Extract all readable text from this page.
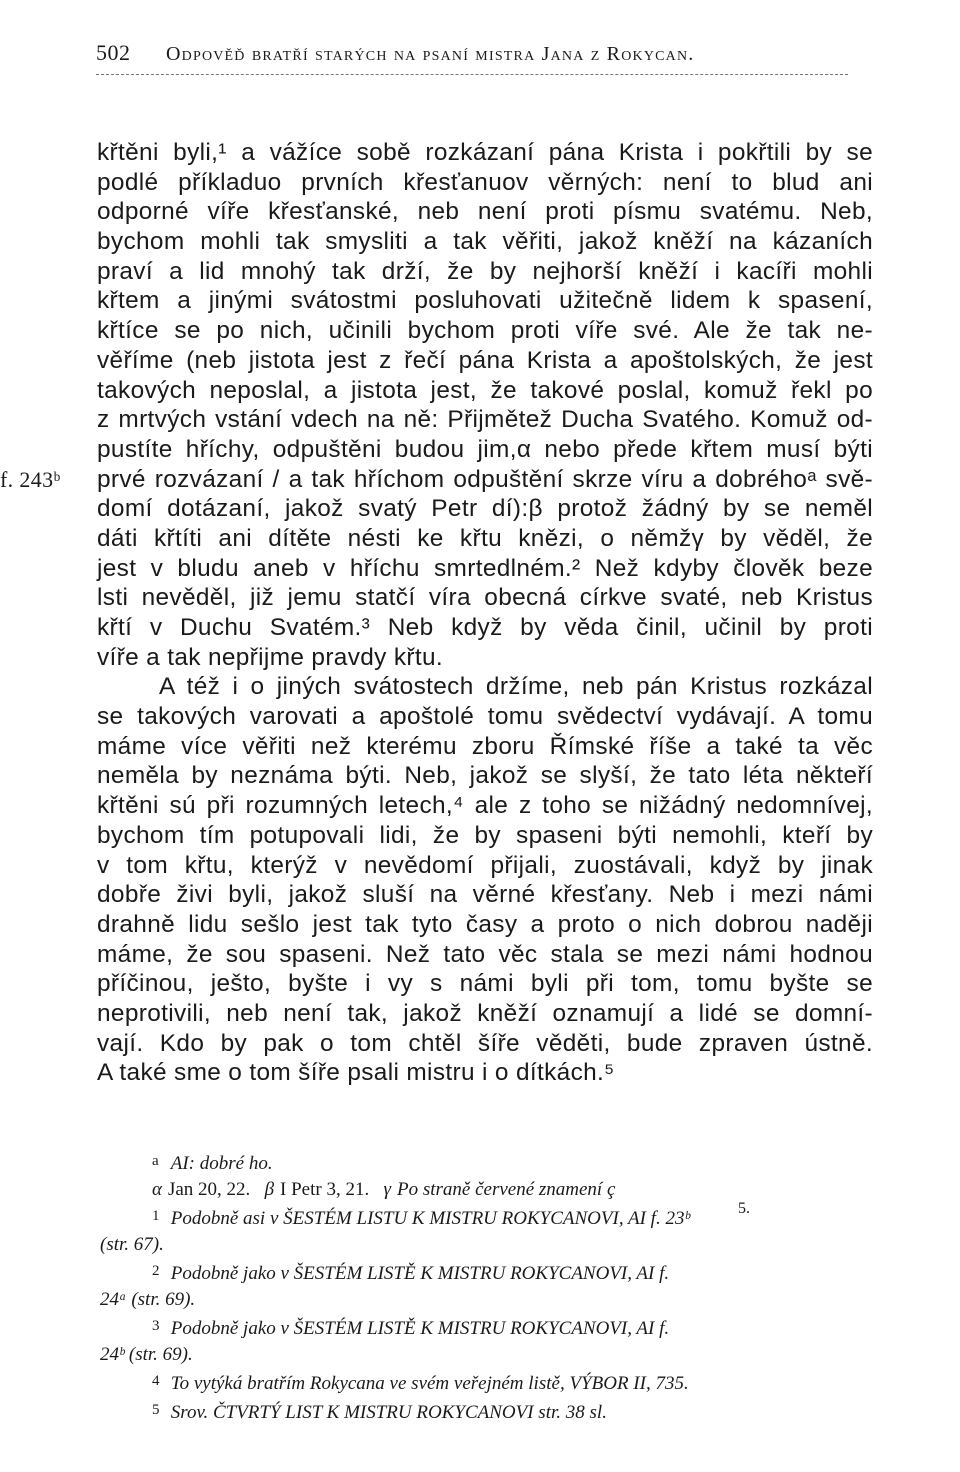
502 Odpověď bratří starých na psaní mistra Jana z Rokycan.
křtěni byli,¹ a vážíce sobě rozkázaní pána Krista i pokřtili by se
podlé příkladuo prvních křesťanuov věrných: není to blud ani
odporné víře křesťanské, neb není proti písmu svatému. Neb,
bychom mohli tak smysliti a tak věřiti, jakož kněží na kázaních
praví a lid mnohý tak drží, že by nejhorší kněží i kacíři mohli
křtem a jinými svátostmi posluhovati užitečně lidem k spasení,
křtíce se po nich, učinili bychom proti víře své. Ale že tak ne-
věříme (neb jistota jest z řečí pána Krista a apoštolských, že jest
takových neposlal, a jistota jest, že takové poslal, komuž řekl po
z mrtvých vstání vdech na ně: Přijmětež Ducha Svatého. Komuž od-
pustíte hříchy, odpuštěni budou jim,α nebo přede křtem musí býti
f. 243ᵇ	prvé rozvázaní / a tak hříchom odpuštění skrze víru a dobréhoᵃ svě-
domí dotázaní, jakož svatý Petr dí):β protož žádný by se neměl
dáti křtíti ani dítěte nésti ke křtu knězi, o němžγ by věděl, že
jest v bludu aneb v hříchu smrtedlném.² Než kdyby člověk beze
lsti nevěděl, již jemu statčí víra obecná církve svaté, neb Kristus
křtí v Duchu Svatém.³ Neb když by věda činil, učinil by proti
víře a tak nepřijme pravdy křtu.
A též i o jiných svátostech držíme, neb pán Kristus rozkázal
se takových varovati a apoštolé tomu svědectví vydávají. A tomu
máme více věřiti než kterému zboru Římské říše a také ta věc
neměla by neznáma býti. Neb, jakož se slyší, že tato léta někteří
křtěni sú při rozumných letech,⁴ ale z toho se nižádný nedomnívej,
bychom tím potupovali lidi, že by spaseni býti nemohli, kteří by
v tom křtu, kterýž v nevědomí přijali, zuostávali, když by jinak
dobře živi byli, jakož sluší na věrné křesťany. Neb i mezi námi
drahně lidu sešlo jest tak tyto časy a proto o nich dobrou naději
máme, že sou spaseni. Než tato věc stala se mezi námi hodnou
příčinou, ješto, byšte i vy s námi byli při tom, tomu byšte se
neprotivili, neb není tak, jakož kněží oznamují a lidé se domní-
vají. Kdo by pak o tom chtěl šíře věděti, bude zpraven ústně.
A také sme o tom šíře psali mistru i o dítkách.⁵
5.
a AI: dobré ho.
α Jan 20, 22. β I Petr 3, 21. γ Po straně červené znamení ç
1 Podobně asi v ŠESTÉM LISTU K MISTRU ROKYCANOVI, AI f. 23ᵇ
(str. 67).
2 Podobně jako v ŠESTÉM LISTĚ K MISTRU ROKYCANOVI, AI f.
24ᵃ (str. 69).
3 Podobně jako v ŠESTÉM LISTĚ K MISTRU ROKYCANOVI, AI f.
24ᵇ (str. 69).
4 To vytýká bratřím Rokycana ve svém veřejném listě, VÝBOR II, 735.
5 Srov. ČTVRTÝ LIST K MISTRU ROKYCANOVI str. 38 sl.
